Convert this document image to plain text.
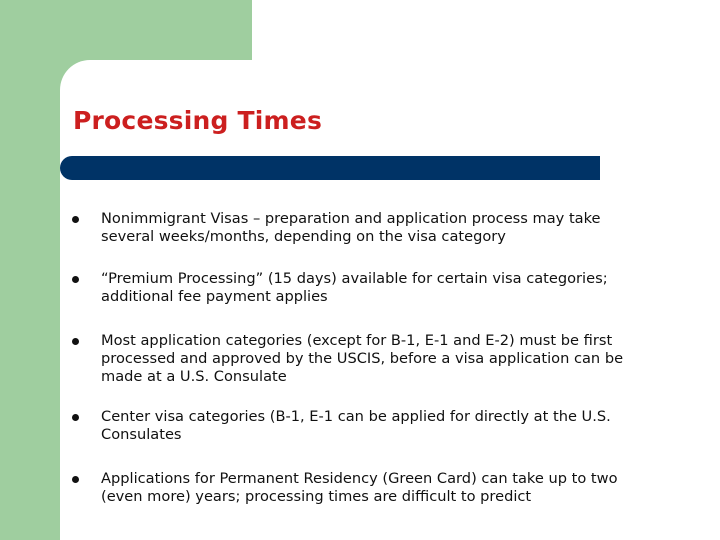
Processing Times
Nonimmigrant Visas – preparation and application process may take several weeks/months, depending on the visa category
“Premium Processing” (15 days) available for certain visa categories; additional fee payment applies
Most application categories (except for B-1, E-1 and E-2) must be first processed and approved by the USCIS, before a visa application can be made at a U.S. Consulate
Center visa categories (B-1, E-1 can be applied for directly at the U.S. Consulates
Applications for Permanent Residency (Green Card) can take up to two (even more) years; processing times are difficult to predict
